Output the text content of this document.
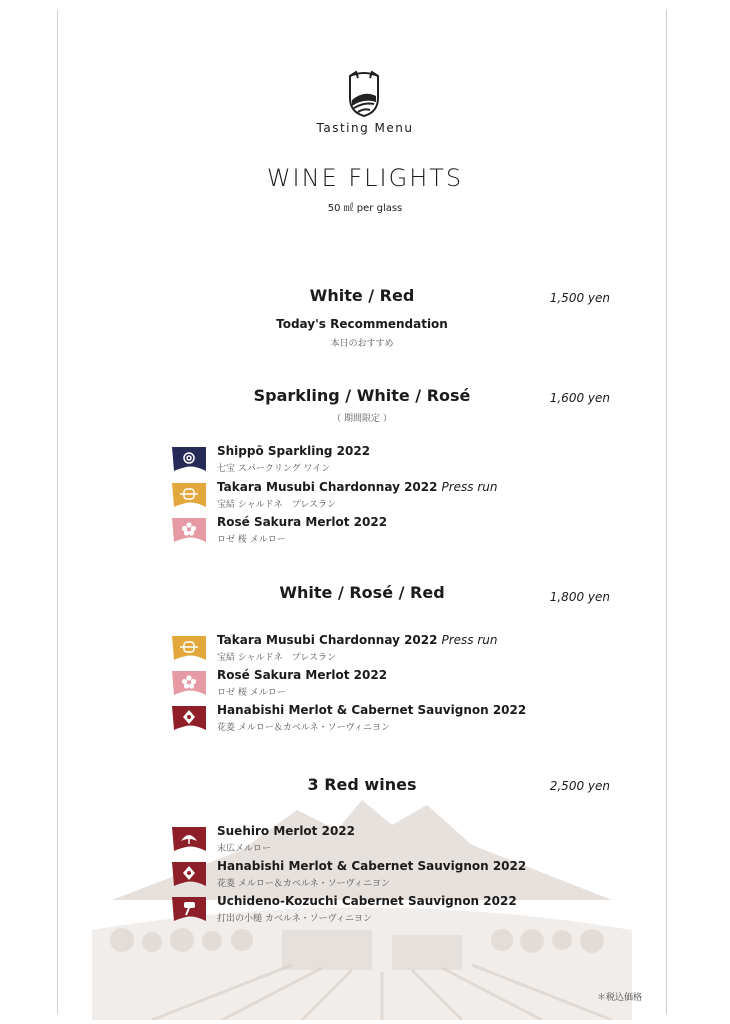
Tasting Menu
WINE FLIGHTS
50 ㎖ per glass
White / Red	1,500 yen
Today's Recommendation
本日のおすすめ
Sparkling / White / Rosé	1,600 yen
（ 期間限定 ）
Shippō Sparkling 2022
七宝 スパークリング ワイン
Takara Musubi Chardonnay 2022 Press run
宝結 シャルドネ　プレスラン
Rosé Sakura Merlot 2022
ロゼ 桜 メルロー
White / Rosé / Red	1,800 yen
Takara Musubi Chardonnay 2022 Press run
宝結 シャルドネ　プレスラン
Rosé Sakura Merlot 2022
ロゼ 桜 メルロー
Hanabishi Merlot & Cabernet Sauvignon 2022
花菱 メルロー＆カベルネ・ソーヴィニヨン
3 Red wines	2,500 yen
Suehiro Merlot 2022
末広メルロー
Hanabishi Merlot & Cabernet Sauvignon 2022
花菱 メルロー＆カベルネ・ソーヴィニヨン
Uchideno-Kozuchi Cabernet Sauvignon 2022
打出の小槌 カベルネ・ソーヴィニヨン
＊税込価格
